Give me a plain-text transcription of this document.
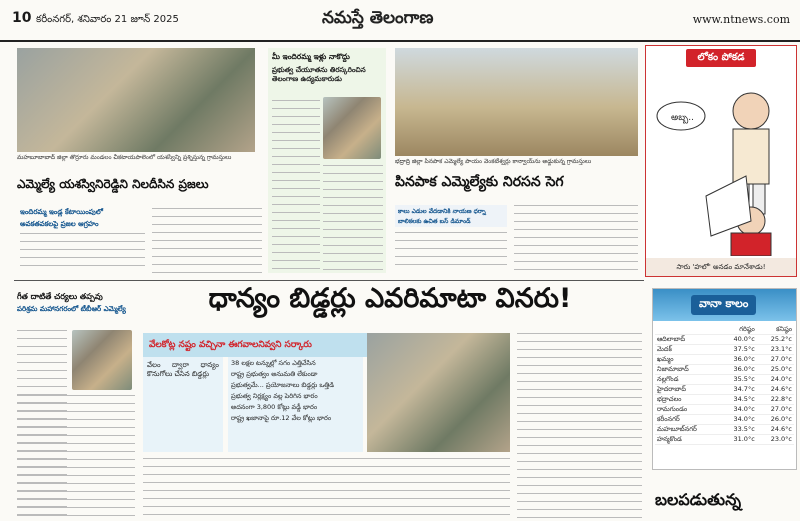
10 కరీంనగర్, శనివారం 21 జూన్ 2025	నమస్తే తెలంగాణ	www.ntnews.com
మహబూబాబాద్ జిల్లా తొర్రూరు మండలం చీకటాయపాలెంలో యశస్విన్ని ప్రశ్నిస్తున్న గ్రామస్తులు
ఎమ్మెల్యే యశస్వినిరెడ్డిని నిలదీసిన ప్రజలు
ఇందిరమ్మ ఇండ్ల కేటాయింపులో
అవకతవకలపై ప్రజల ఆగ్రహం
మీ ఇందిరమ్మ ఇళ్లు నాకొద్దు
ప్రభుత్వ చేయూతను తిరస్కరించిన తెలంగాణ ఉద్యమకారుడు
భద్రాద్రి జిల్లా పినపాక ఎమ్మెల్యే పాయం వెంకటేశ్వర్లు కాన్వాయ్‌ను అడ్డుకున్న గ్రామస్తులు
పినపాక ఎమ్మెల్యేకు నిరసన సెగ
కాలు ఎడుల వేదడానికి నాయణ ధర్నా
బాలికలకు ఉచిత బస్ డిమాండ్
లోకం పోకడ
అబ్బ..
సారు 'హలో' అనడం మానేశాడు!
గీత దాటితే చర్యలు తప్పవు
పరిశ్రమ మహానగరంలో టీబీఆర్ ఎమ్మెల్యే	ధాన్యం బిడ్డర్లు ఎవరిమాటా వినరు!
వేలకోట్ల నష్టం వచ్చినా ఈగవాలనివ్వని సర్కారు
వేలం ద్వారా ధాన్యం కొనుగోలు చేసిన బిడ్డర్లు
38 లక్షల టన్నుల్లో సగం ఎత్తివేసిన
రాష్ట్ర ప్రభుత్వం అనుమతి లేకుండా
ప్రభుత్వమే... ప్రయోజనాలు బిడ్డర్లు ఒత్తిడి
ప్రభుత్వ నిర్లక్ష్యం వల్ల పెరిగిన భారం
అదనంగా 3,800 కోట్లు వడ్డీ భారం
రాష్ట్ర ఖజానాపై రూ.12 వేల కోట్లు భారం
వానా కాలం
	గరిష్ఠం	కనిష్ఠం
ఆదిలాబాద్	40.0°c	25.2°c
మెదక్	37.5°c	23.1°c
ఖమ్మం	36.0°c	27.0°c
నిజామాబాద్	36.0°c	25.0°c
నల్లగొండ	35.5°c	24.0°c
హైదరాబాద్	34.7°c	24.6°c
భద్రాచలం	34.5°c	22.8°c
రామగుండం	34.0°c	27.0°c
కరీంనగర్	34.0°c	26.0°c
మహబూబ్‌నగర్	33.5°c	24.6°c
హన్మకొండ	31.0°c	23.0°c
బలపడుతున్న
